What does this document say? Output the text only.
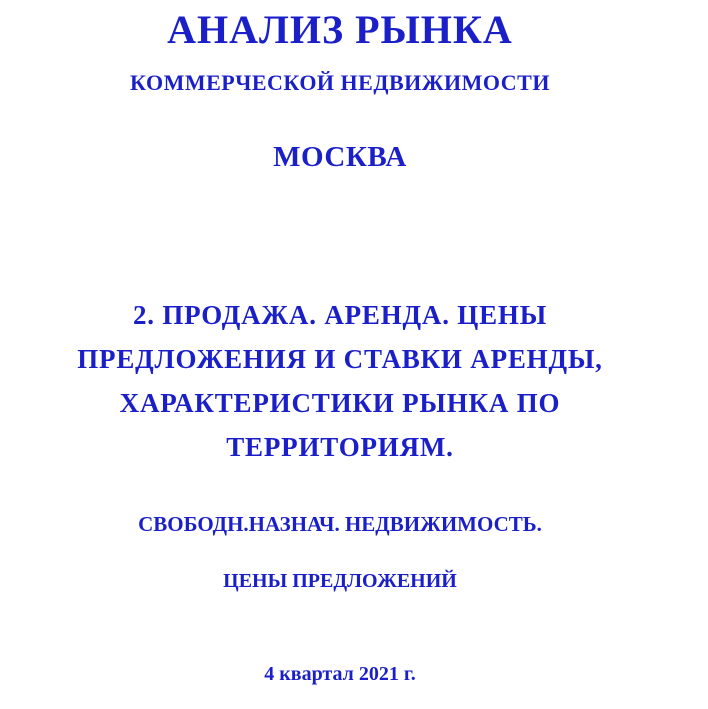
АНАЛИЗ РЫНКА
КОММЕРЧЕСКОЙ НЕДВИЖИМОСТИ
МОСКВА
2. ПРОДАЖА. АРЕНДА. ЦЕНЫ
ПРЕДЛОЖЕНИЯ И СТАВКИ АРЕНДЫ,
ХАРАКТЕРИСТИКИ РЫНКА ПО
ТЕРРИТОРИЯМ.
СВОБОДН.НАЗНАЧ. НЕДВИЖИМОСТЬ.
ЦЕНЫ ПРЕДЛОЖЕНИЙ
4 квартал 2021 г.
